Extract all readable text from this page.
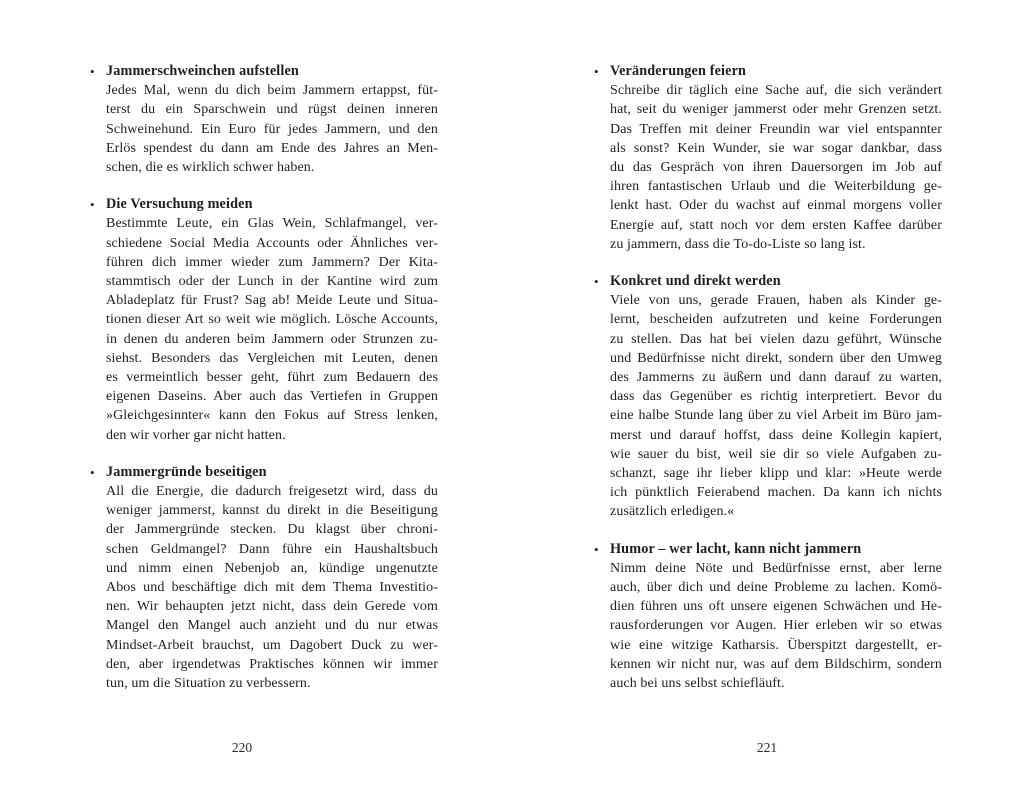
• Jammerschweinchen aufstellen
Jedes Mal, wenn du dich beim Jammern ertappst, füt-
terst du ein Sparschwein und rügst deinen inneren
Schweinehund. Ein Euro für jedes Jammern, und den
Erlös spendest du dann am Ende des Jahres an Men-
schen, die es wirklich schwer haben.
• Die Versuchung meiden
Bestimmte Leute, ein Glas Wein, Schlafmangel, ver-
schiedene Social Media Accounts oder Ähnliches ver-
führen dich immer wieder zum Jammern? Der Kita-
stammtisch oder der Lunch in der Kantine wird zum
Abladeplatz für Frust? Sag ab! Meide Leute und Situa-
tionen dieser Art so weit wie möglich. Lösche Accounts,
in denen du anderen beim Jammern oder Strunzen zu-
siehst. Besonders das Vergleichen mit Leuten, denen
es vermeintlich besser geht, führt zum Bedauern des
eigenen Daseins. Aber auch das Vertiefen in Gruppen
»Gleichgesinnter« kann den Fokus auf Stress lenken,
den wir vorher gar nicht hatten.
• Jammergründe beseitigen
All die Energie, die dadurch freigesetzt wird, dass du
weniger jammerst, kannst du direkt in die Beseitigung
der Jammergründe stecken. Du klagst über chroni-
schen Geldmangel? Dann führe ein Haushaltsbuch
und nimm einen Nebenjob an, kündige ungenutzte
Abos und beschäftige dich mit dem Thema Investitio-
nen. Wir behaupten jetzt nicht, dass dein Gerede vom
Mangel den Mangel auch anzieht und du nur etwas
Mindset-Arbeit brauchst, um Dagobert Duck zu wer-
den, aber irgendetwas Praktisches können wir immer
tun, um die Situation zu verbessern.
• Veränderungen feiern
Schreibe dir täglich eine Sache auf, die sich verändert
hat, seit du weniger jammerst oder mehr Grenzen setzt.
Das Treffen mit deiner Freundin war viel entspannter
als sonst? Kein Wunder, sie war sogar dankbar, dass
du das Gespräch von ihren Dauersorgen im Job auf
ihren fantastischen Urlaub und die Weiterbildung ge-
lenkt hast. Oder du wachst auf einmal morgens voller
Energie auf, statt noch vor dem ersten Kaffee darüber
zu jammern, dass die To-do-Liste so lang ist.
• Konkret und direkt werden
Viele von uns, gerade Frauen, haben als Kinder ge-
lernt, bescheiden aufzutreten und keine Forderungen
zu stellen. Das hat bei vielen dazu geführt, Wünsche
und Bedürfnisse nicht direkt, sondern über den Umweg
des Jammerns zu äußern und dann darauf zu warten,
dass das Gegenüber es richtig interpretiert. Bevor du
eine halbe Stunde lang über zu viel Arbeit im Büro jam-
merst und darauf hoffst, dass deine Kollegin kapiert,
wie sauer du bist, weil sie dir so viele Aufgaben zu-
schanzt, sage ihr lieber klipp und klar: »Heute werde
ich pünktlich Feierabend machen. Da kann ich nichts
zusätzlich erledigen.«
• Humor – wer lacht, kann nicht jammern
Nimm deine Nöte und Bedürfnisse ernst, aber lerne
auch, über dich und deine Probleme zu lachen. Komö-
dien führen uns oft unsere eigenen Schwächen und He-
rausforderungen vor Augen. Hier erleben wir so etwas
wie eine witzige Katharsis. Überspitzt dargestellt, er-
kennen wir nicht nur, was auf dem Bildschirm, sondern
auch bei uns selbst schiefläuft.
220	221
